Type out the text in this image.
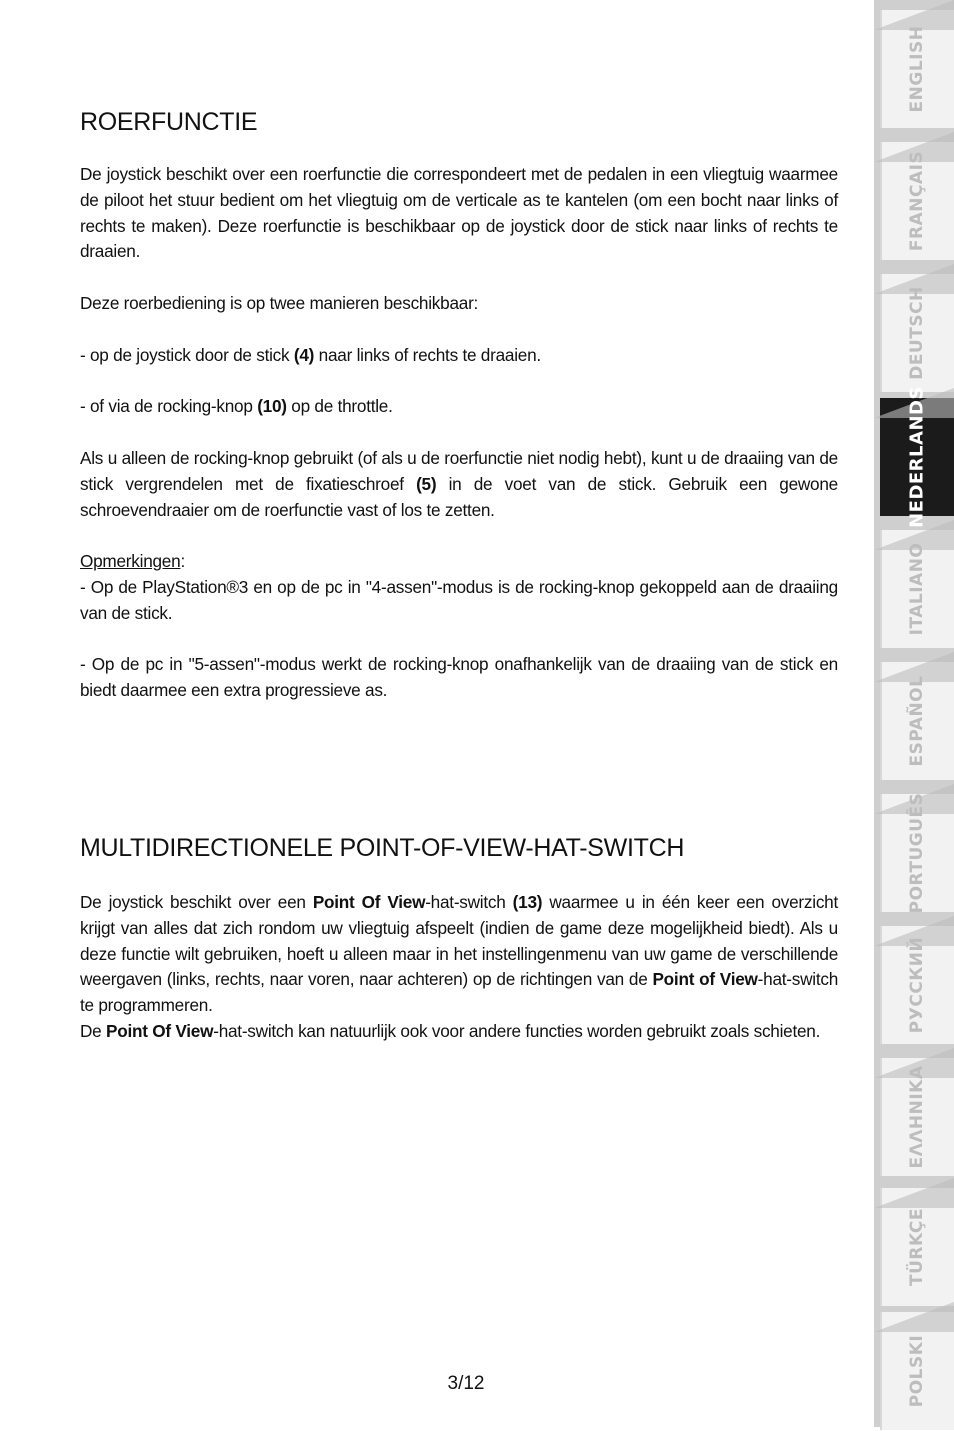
ROERFUNCTIE

De joystick beschikt over een roerfunctie die correspondeert met de pedalen in een vliegtuig waarmee de piloot het stuur bedient om het vliegtuig om de verticale as te kantelen (om een bocht naar links of rechts te maken). Deze roerfunctie is beschikbaar op de joystick door de stick naar links of rechts te draaien.

Deze roerbediening is op twee manieren beschikbaar:

- op de joystick door de stick (4) naar links of rechts te draaien.

- of via de rocking-knop (10) op de throttle.

Als u alleen de rocking-knop gebruikt (of als u de roerfunctie niet nodig hebt), kunt u de draaiing van de stick vergrendelen met de fixatieschroef (5) in de voet van de stick. Gebruik een gewone schroevendraaier om de roerfunctie vast of los te zetten.

Opmerkingen:

- Op de PlayStation®3 en op de pc in "4-assen"-modus is de rocking-knop gekoppeld aan de draaiing van de stick.

- Op de pc in "5-assen"-modus werkt de rocking-knop onafhankelijk van de draaiing van de stick en biedt daarmee een extra progressieve as.

MULTIDIRECTIONELE POINT-OF-VIEW-HAT-SWITCH

De joystick beschikt over een Point Of View-hat-switch (13) waarmee u in één keer een overzicht krijgt van alles dat zich rondom uw vliegtuig afspeelt (indien de game deze mogelijkheid biedt). Als u deze functie wilt gebruiken, hoeft u alleen maar in het instellingenmenu van uw game de verschillende weergaven (links, rechts, naar voren, naar achteren) op de richtingen van de Point of View-hat-switch te programmeren.

De Point Of View-hat-switch kan natuurlijk ook voor andere functies worden gebruikt zoals schieten.

3/12
ENGLISH
FRANÇAIS
DEUTSCH
NEDERLANDS
ITALIANO
ESPAÑOL
PORTUGUÊS
РУССКИЙ
ΕΛΛΗΝΙΚΑ
TÜRKÇE
POLSKI
